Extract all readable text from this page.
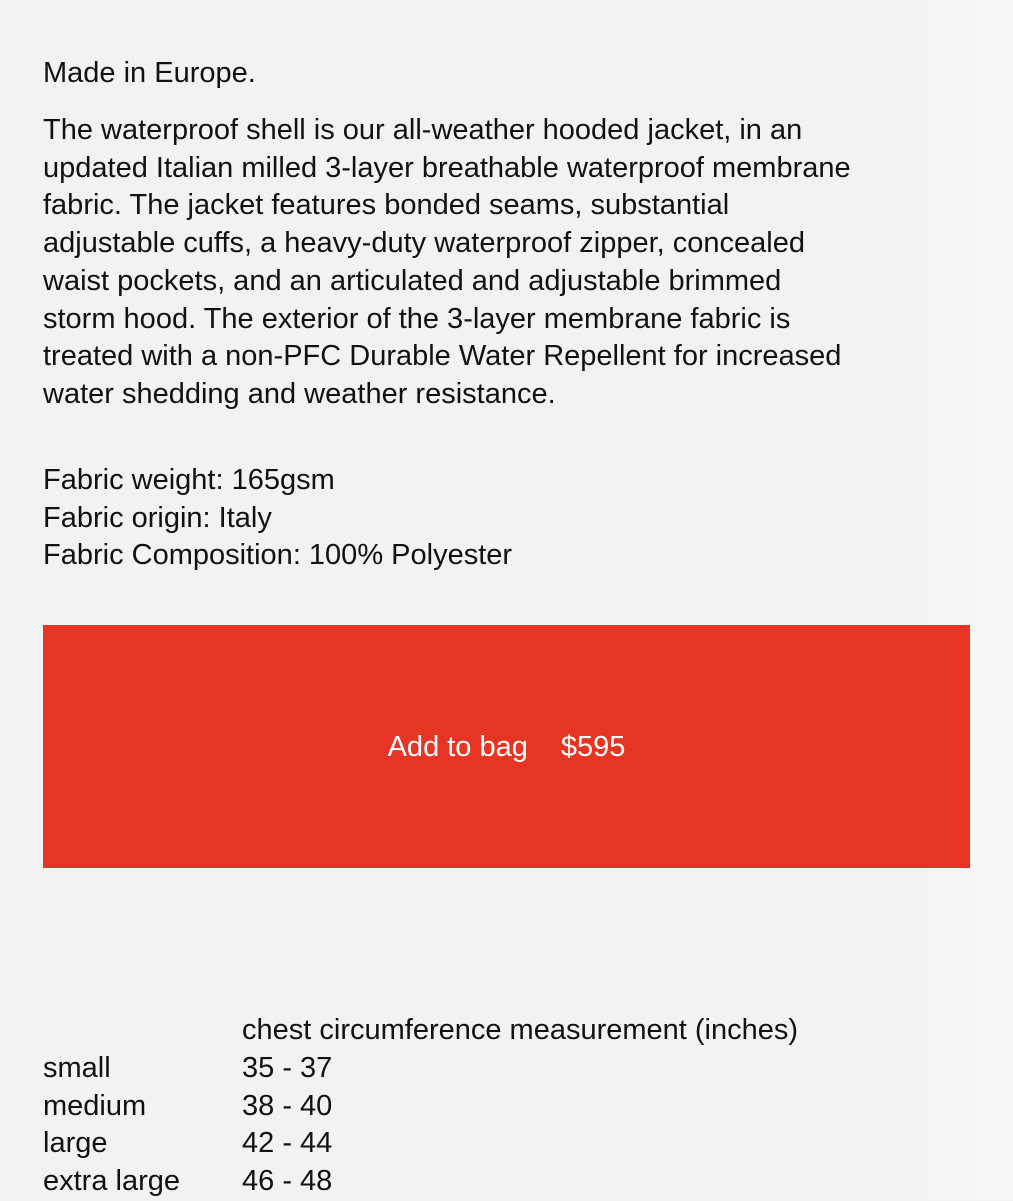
Made in Europe.

The waterproof shell is our all-weather hooded jacket, in an
updated Italian milled 3-layer breathable waterproof membrane
fabric. The jacket features bonded seams, substantial
adjustable cuffs, a heavy-duty waterproof zipper, concealed
waist pockets, and an articulated and adjustable brimmed
storm hood. The exterior of the 3-layer membrane fabric is
treated with a non-PFC Durable Water Repellent for increased
water shedding and weather resistance.
Fabric weight: 165gsm
Fabric origin: Italy
Fabric Composition: 100% Polyester
Add to bag $595
chest circumference measurement (inches)
small	35 - 37
medium	38 - 40
large	42 - 44
extra large	46 - 48
